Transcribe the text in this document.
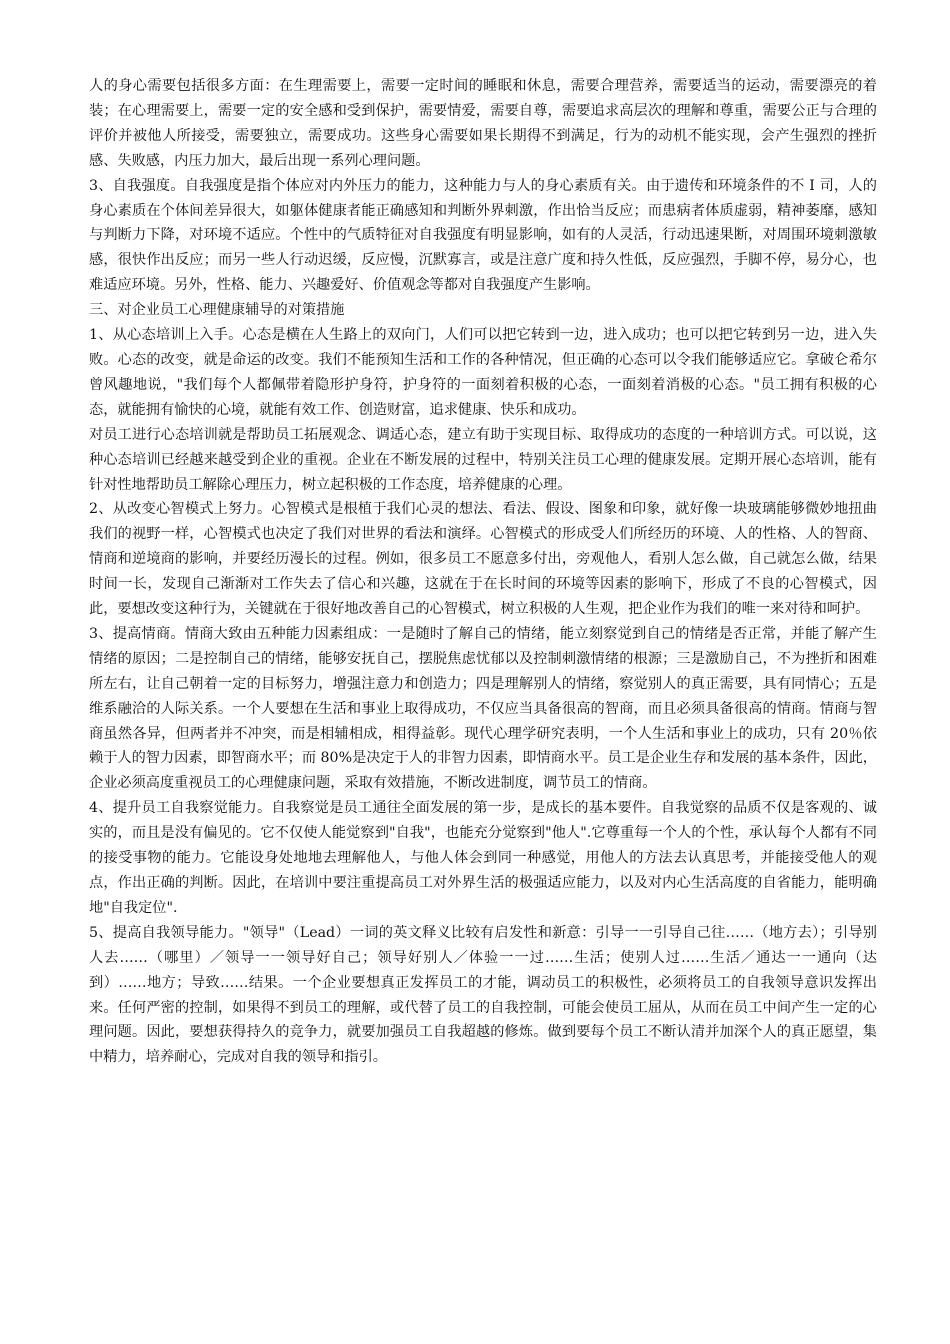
人的身心需要包括很多方面：在生理需要上，需要一定时间的睡眠和休息，需要合理营养，需要适当的运动，需要漂亮的着装；在心理需要上，需要一定的安全感和受到保护，需要情爱，需要自尊，需要追求高层次的理解和尊重，需要公正与合理的评价并被他人所接受，需要独立，需要成功。这些身心需要如果长期得不到满足，行为的动机不能实现，会产生强烈的挫折感、失败感，内压力加大，最后出现一系列心理问题。

3、自我强度。自我强度是指个体应对内外压力的能力，这种能力与人的身心素质有关。由于遗传和环境条件的不 I 司，人的身心素质在个体间差异很大，如躯体健康者能正确感知和判断外界刺激，作出恰当反应；而患病者体质虚弱，精神萎靡，感知与判断力下降，对环境不适应。个性中的气质特征对自我强度有明显影响，如有的人灵活，行动迅速果断，对周围环境刺激敏感，很快作出反应；而另一些人行动迟缓，反应慢，沉默寡言，或是注意广度和持久性低，反应强烈，手脚不停，易分心，也难适应环境。另外，性格、能力、兴趣爱好、价值观念等都对自我强度产生影响。

三、对企业员工心理健康辅导的对策措施

1、从心态培训上入手。心态是横在人生路上的双向门，人们可以把它转到一边，进入成功；也可以把它转到另一边，进入失败。心态的改变，就是命运的改变。我们不能预知生活和工作的各种情况，但正确的心态可以令我们能够适应它。拿破仑希尔曾风趣地说，"我们每个人都佩带着隐形护身符，护身符的一面刻着积极的心态，一面刻着消极的心态。"员工拥有积极的心态，就能拥有愉快的心境，就能有效工作、创造财富，追求健康、快乐和成功。

对员工进行心态培训就是帮助员工拓展观念、调适心态，建立有助于实现目标、取得成功的态度的一种培训方式。可以说，这种心态培训已经越来越受到企业的重视。企业在不断发展的过程中，特别关注员工心理的健康发展。定期开展心态培训，能有针对性地帮助员工解除心理压力，树立起积极的工作态度，培养健康的心理。

2、从改变心智模式上努力。心智模式是根植于我们心灵的想法、看法、假设、图象和印象，就好像一块玻璃能够微妙地扭曲我们的视野一样，心智模式也决定了我们对世界的看法和演绎。心智模式的形成受人们所经历的环境、人的性格、人的智商、情商和逆境商的影响，并要经历漫长的过程。例如，很多员工不愿意多付出，旁观他人，看别人怎么做，自己就怎么做，结果时间一长，发现自己渐渐对工作失去了信心和兴趣，这就在于在长时间的环境等因素的影响下，形成了不良的心智模式，因此，要想改变这种行为，关键就在于很好地改善自己的心智模式，树立积极的人生观，把企业作为我们的唯一来对待和呵护。

3、提高情商。情商大致由五种能力因素组成：一是随时了解自己的情绪，能立刻察觉到自己的情绪是否正常，并能了解产生情绪的原因；二是控制自己的情绪，能够安抚自己，摆脱焦虑忧郁以及控制刺激情绪的根源；三是激励自己，不为挫折和困难所左右，让自己朝着一定的目标努力，增强注意力和创造力；四是理解别人的情绪，察觉别人的真正需要，具有同情心；五是维系融洽的人际关系。一个人要想在生活和事业上取得成功，不仅应当具备很高的智商，而且必须具备很高的情商。情商与智商虽然各异，但两者并不冲突，而是相辅相成，相得益彰。现代心理学研究表明，一个人生活和事业上的成功，只有 20％依赖于人的智力因素，即智商水平；而 80%是决定于人的非智力因素，即情商水平。员工是企业生存和发展的基本条件，因此，企业必须高度重视员工的心理健康问题，采取有效措施，不断改进制度，调节员工的情商。

4、提升员工自我察觉能力。自我察觉是员工通往全面发展的第一步，是成长的基本要件。自我觉察的品质不仅是客观的、诚实的，而且是没有偏见的。它不仅使人能觉察到"自我"，也能充分觉察到"他人".它尊重每一个人的个性，承认每个人都有不同的接受事物的能力。它能设身处地地去理解他人，与他人体会到同一种感觉，用他人的方法去认真思考，并能接受他人的观点，作出正确的判断。因此，在培训中要注重提高员工对外界生活的极强适应能力，以及对内心生活高度的自省能力，能明确地"自我定位".

5、提高自我领导能力。"领导"（Lead）一词的英文释义比较有启发性和新意：引导一一引导自己往……（地方去）；引导别人去……（哪里）／领导一一领导好自己；领导好别人／体验一一过……生活；使别人过……生活／通达一一通向（达到）……地方；导致……结果。一个企业要想真正发挥员工的才能，调动员工的积极性，必须将员工的自我领导意识发挥出来。任何严密的控制，如果得不到员工的理解，或代替了员工的自我控制，可能会使员工屈从，从而在员工中间产生一定的心理问题。因此，要想获得持久的竞争力，就要加强员工自我超越的修炼。做到要每个员工不断认清并加深个人的真正愿望，集中精力，培养耐心，完成对自我的领导和指引。
